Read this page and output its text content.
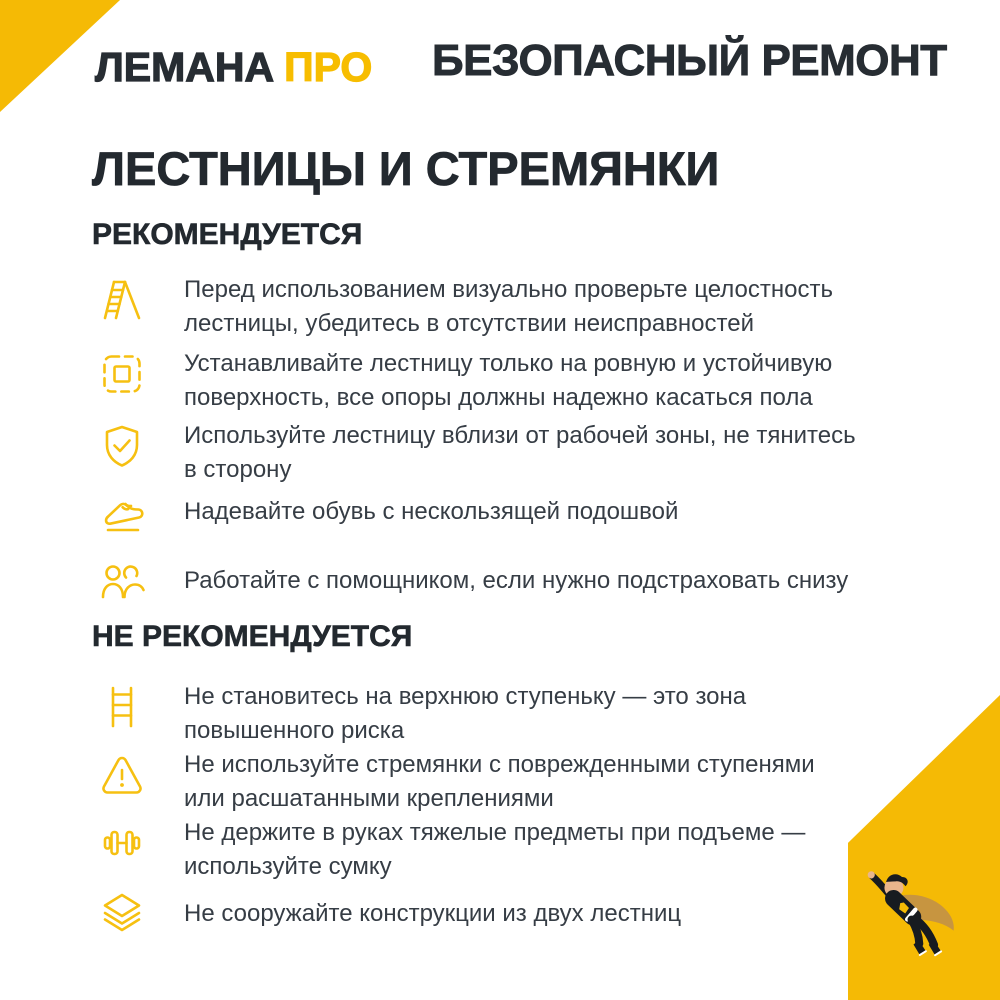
ЛЕМАНА ПРО БЕЗОПАСНЫЙ РЕМОНТ
ЛЕСТНИЦЫ И СТРЕМЯНКИ
РЕКОМЕНДУЕТСЯ
Перед использованием визуально проверьте целостность
лестницы, убедитесь в отсутствии неисправностей
Устанавливайте лестницу только на ровную и устойчивую
поверхность, все опоры должны надежно касаться пола
Используйте лестницу вблизи от рабочей зоны, не тянитесь
в сторону
Надевайте обувь с нескользящей подошвой
Работайте с помощником, если нужно подстраховать снизу
НЕ РЕКОМЕНДУЕТСЯ
Не становитесь на верхнюю ступеньку — это зона
повышенного риска
Не используйте стремянки с поврежденными ступенями
или расшатанными креплениями
Не держите в руках тяжелые предметы при подъеме —
используйте сумку
Не сооружайте конструкции из двух лестниц
